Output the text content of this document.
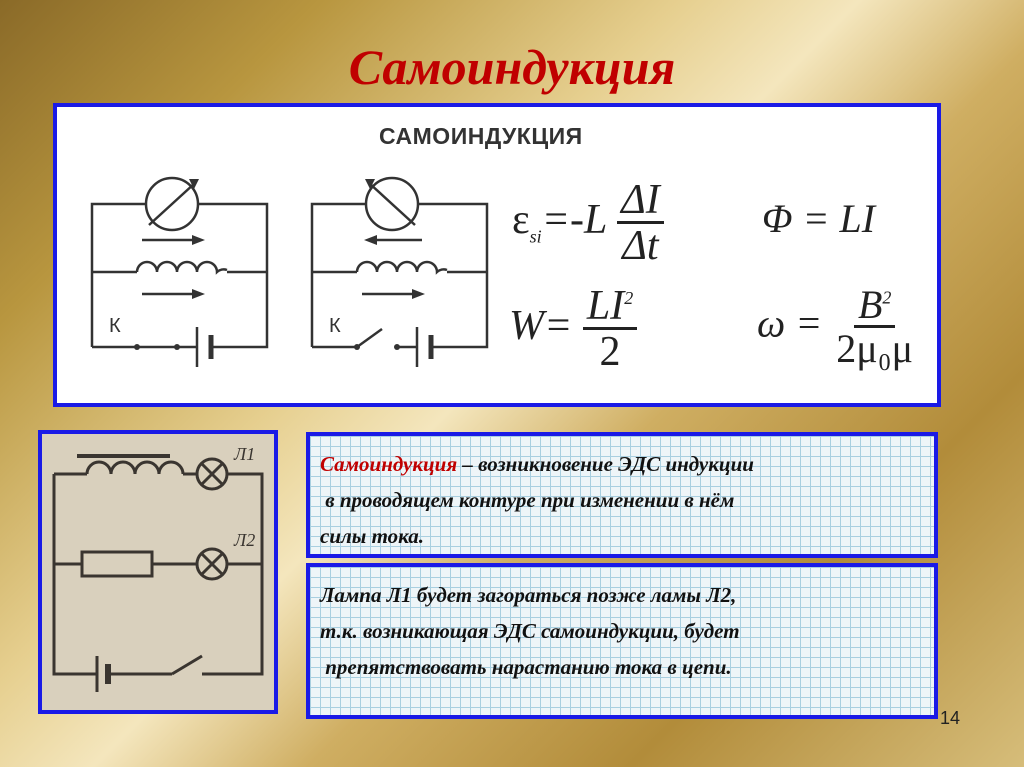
Самоиндукция
САМОИНДУКЦИЯ
К	К
$\varepsilon_{si}=-L \frac{\Delta I}{\Delta t}$ Φ = LI
$W= \frac{LI^2}{2}$	$\omega = \frac{B^2}{\text{2μ₀μ}}$
Л1
Л2
Самоиндукция – возникновение ЭДС индукции
в проводящем контуре при изменении в нём
силы тока.
Лампа Л1 будет загораться позже ламы Л2,
т.к. возникающая ЭДС самоиндукции, будет
препятствовать нарастанию тока в цепи.
14
